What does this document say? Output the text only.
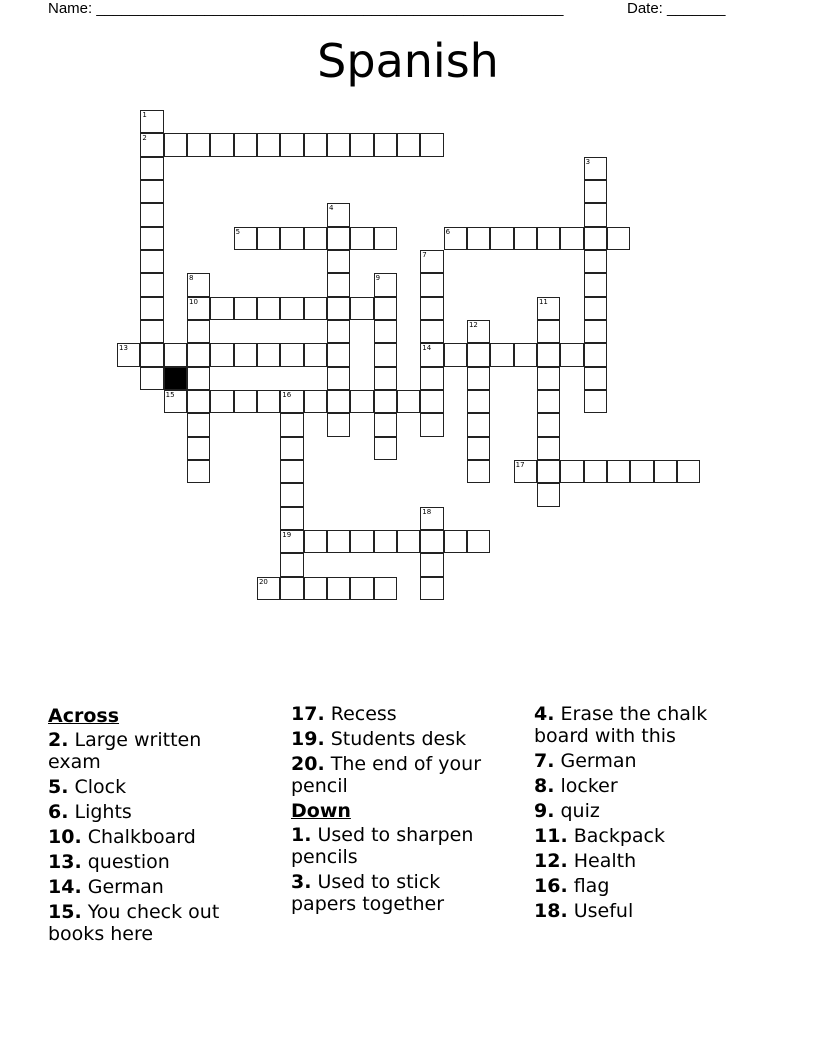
Name: ________________________________________________________	Date: _______
Spanish
1
2
3
4
5	6
7
14
8
10
9
11
12
13
15	16
19
17
18
20
Across
2. Large written exam
5. Clock
6. Lights
10. Chalkboard
13. question
14. German
15. You check out books here
17. Recess
19. Students desk
20. The end of your pencil
Down
1. Used to sharpen pencils
3. Used to stick papers together
4. Erase the chalk board with this
7. German
8. locker
9. quiz
11. Backpack
12. Health
16. flag
18. Useful
